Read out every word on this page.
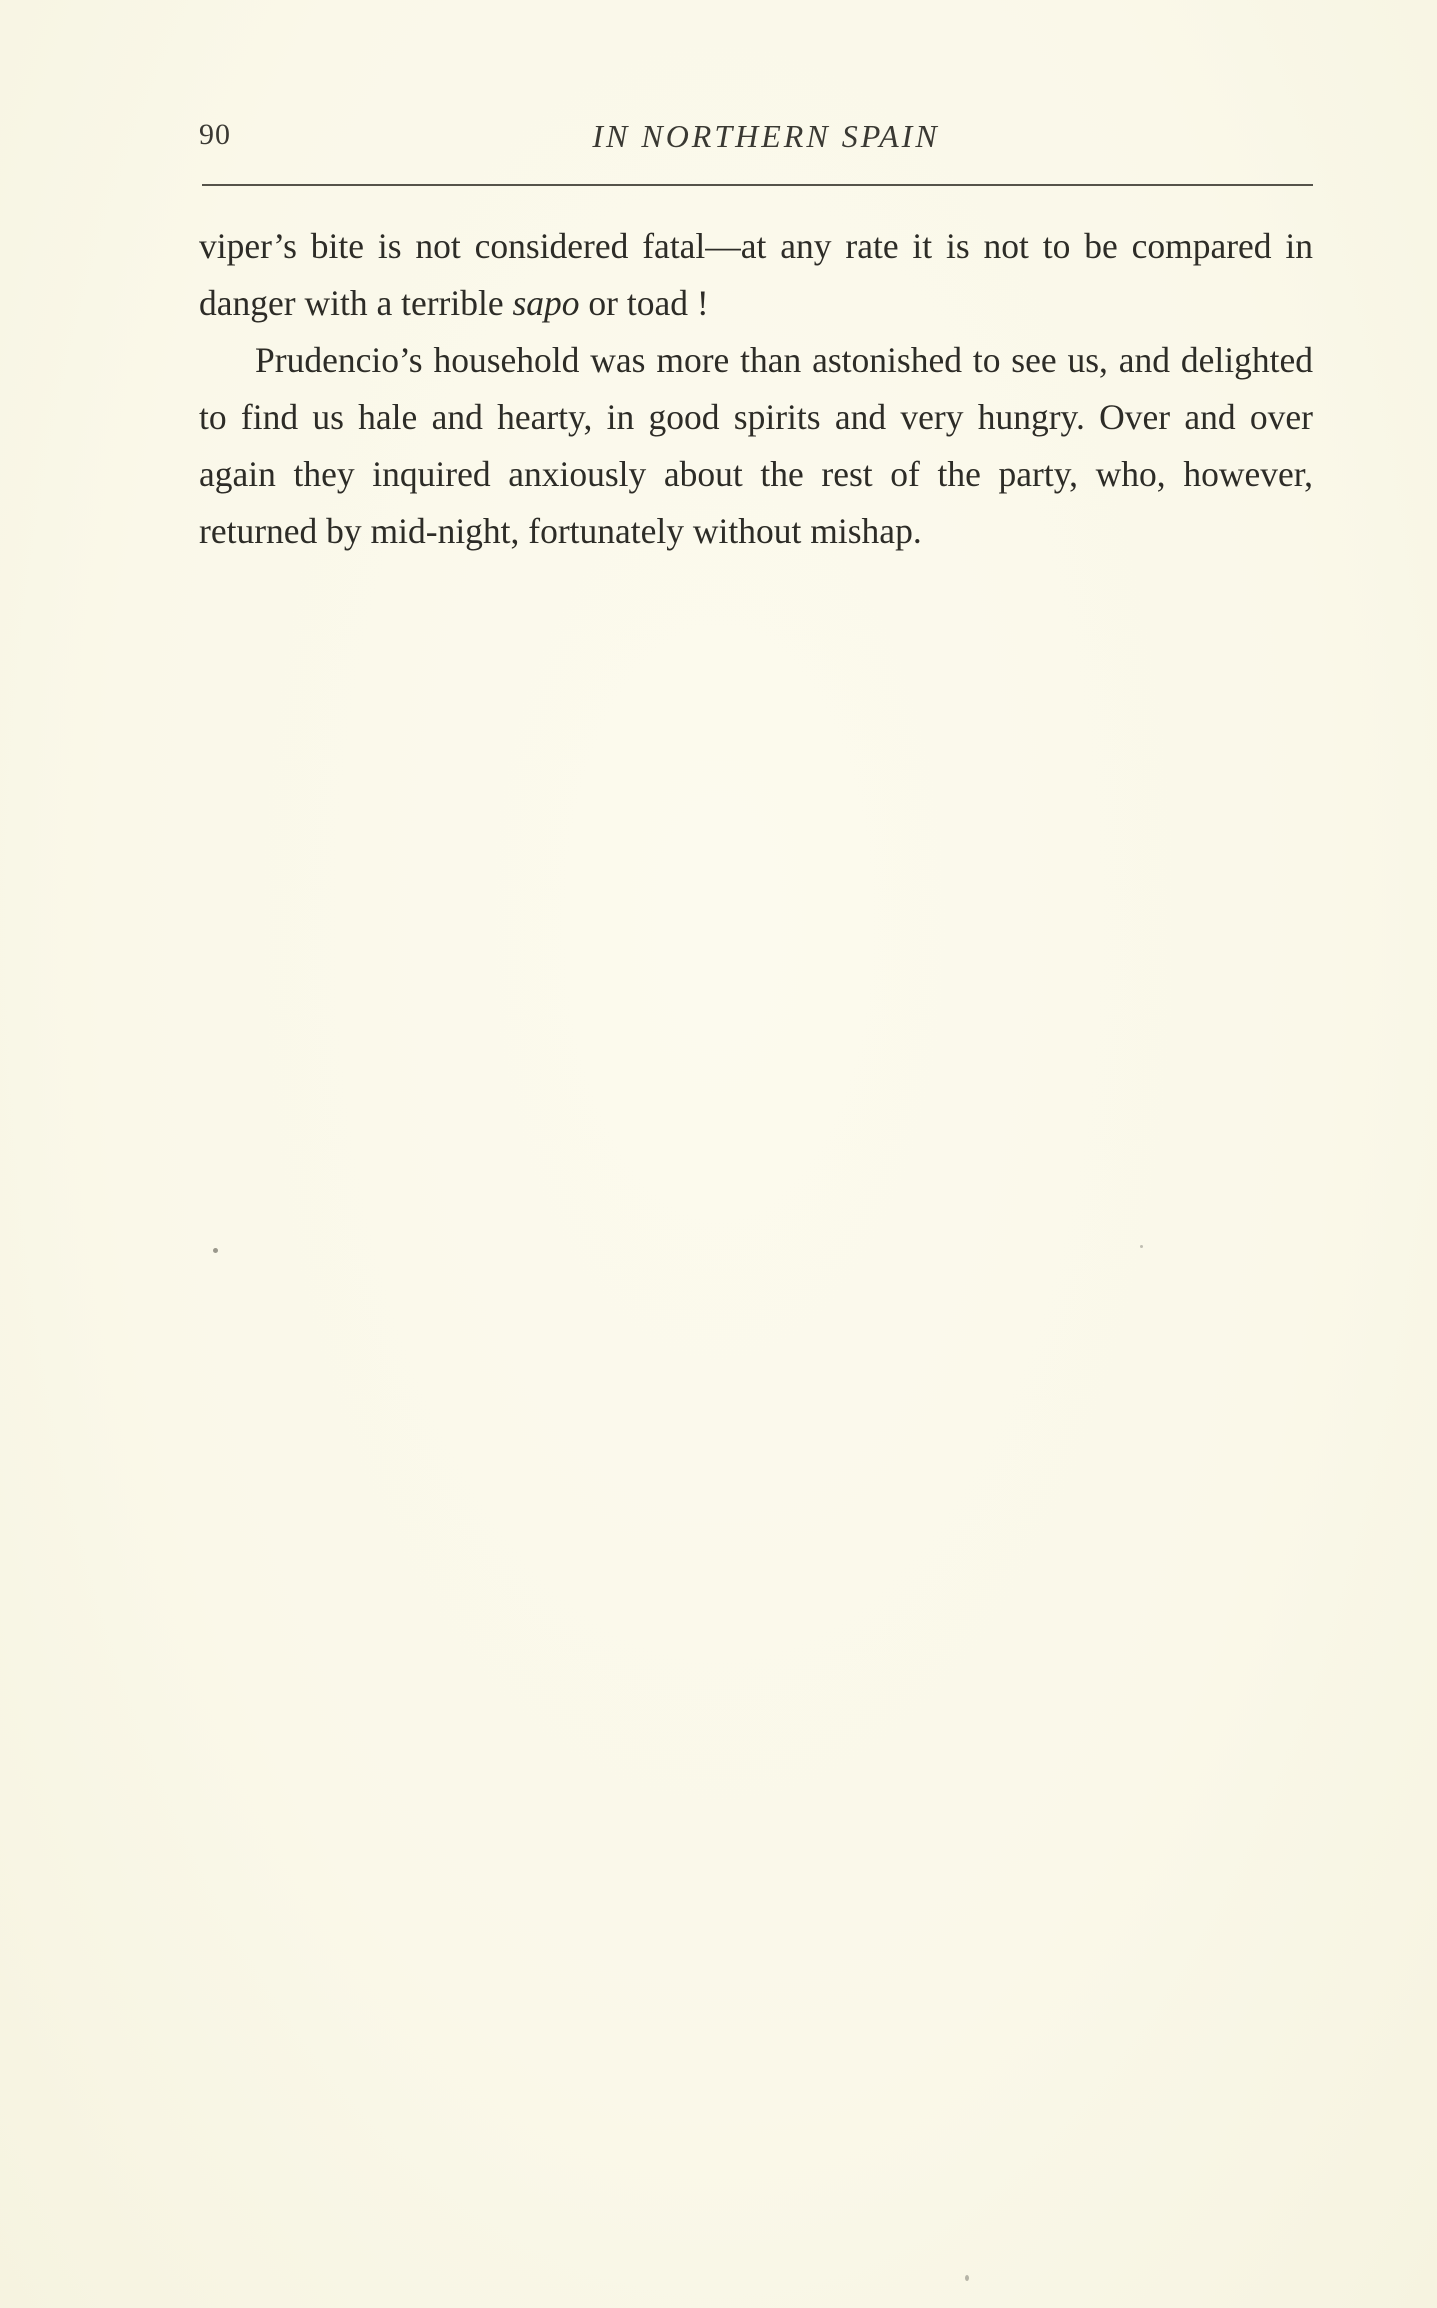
90	IN NORTHERN SPAIN

viper’s bite is not considered fatal—at any rate it is not to be compared in danger with a terrible sapo or toad !

Prudencio’s household was more than astonished to see us, and delighted to find us hale and hearty, in good spirits and very hungry. Over and over again they inquired anxiously about the rest of the party, who, however, returned by mid-night, fortunately without mishap.
